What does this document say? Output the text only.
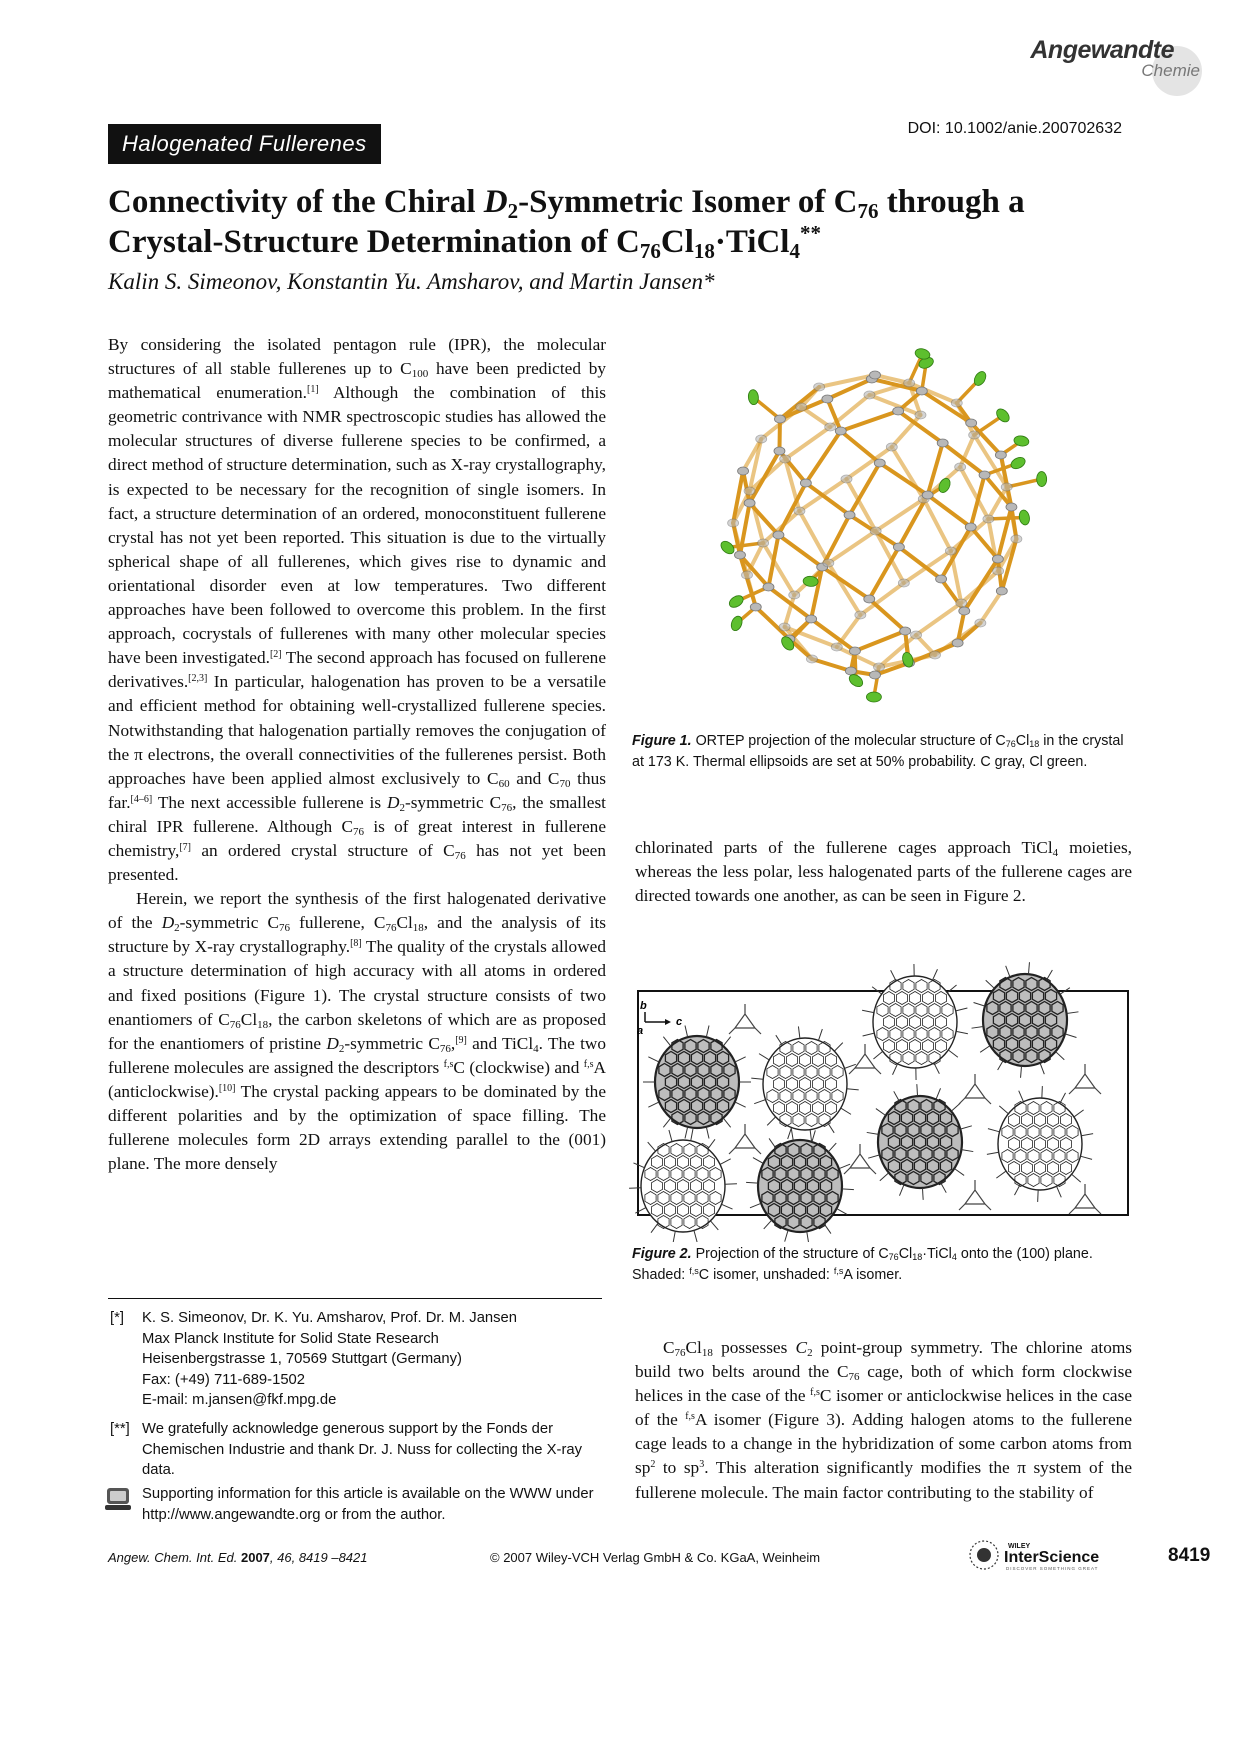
Angewandte
Chemie
Halogenated Fullerenes
DOI: 10.1002/anie.200702632
Connectivity of the Chiral $D_2$-Symmetric Isomer of $C_{76}$ through a
Crystal-Structure Determination of $C_{76}Cl_{18}\cdot TiCl_4^{**}$
Kalin S. Simeonov, Konstantin Yu. Amsharov, and Martin Jansen*

By considering the isolated pentagon rule (IPR), the molecular structures of all stable fullerenes up to $C_{100}$ have been predicted by mathematical enumeration.[1] Although the combination of this geometric contrivance with NMR spectroscopic studies has allowed the molecular structures of diverse fullerene species to be confirmed, a direct method of structure determination, such as X-ray crystallography, is expected to be necessary for the recognition of single isomers. In fact, a structure determination of an ordered, monoconstituent fullerene crystal has not yet been reported. This situation is due to the virtually spherical shape of all fullerenes, which gives rise to dynamic and orientational disorder even at low temperatures. Two different approaches have been followed to overcome this problem. In the first approach, cocrystals of fullerenes with many other molecular species have been investigated.[2] The second approach has focused on fullerene derivatives.[2,3] In particular, halogenation has proven to be a versatile and efficient method for obtaining well-crystallized fullerene species. Notwithstanding that halogenation partially removes the conjugation of the π electrons, the overall connectivities of the fullerenes persist. Both approaches have been applied almost exclusively to $C_{60}$ and $C_{70}$ thus far.[4–6] The next accessible fullerene is $D_2$-symmetric $C_{76}$, the smallest chiral IPR fullerene. Although $C_{76}$ is of great interest in fullerene chemistry,[7] an ordered crystal structure of $C_{76}$ has not yet been presented.

Herein, we report the synthesis of the first halogenated derivative of the $D_2$-symmetric $C_{76}$ fullerene, $C_{76}Cl_{18}$, and the analysis of its structure by X-ray crystallography.[8] The quality of the crystals allowed a structure determination of high accuracy with all atoms in ordered and fixed positions (Figure 1). The crystal structure consists of two enantiomers of $C_{76}Cl_{18}$, the carbon skeletons of which are as proposed for the enantiomers of pristine $D_2$-symmetric $C_{76},[9]$ and TiCl$_4$. The two fullerene molecules are assigned the descriptors $^{f,s}$C (clockwise) and $^{f,s}$A (anticlockwise).[10] The crystal packing appears to be dominated by the different polarities and by the optimization of space filling. The fullerene molecules form 2D arrays extending parallel to the (001) plane. The more densely

Figure 1. ORTEP projection of the molecular structure of $C_{76}Cl_{18}$ in the crystal at 173 K. Thermal ellipsoids are set at 50% probability. C gray, Cl green.

chlorinated parts of the fullerene cages approach TiCl$_4$ moieties, whereas the less polar, less halogenated parts of the fullerene cages are directed towards one another, as can be seen in Figure 2.

b
a
c
Figure 2. Projection of the structure of $C_{76}Cl_{18}\cdot TiCl_4$ onto the (100) plane. Shaded: $^{f,s}$C isomer, unshaded: $^{f,s}$A isomer.

$C_{76}Cl_{18}$ possesses $C_2$ point-group symmetry. The chlorine atoms build two belts around the $C_{76}$ cage, both of which form clockwise helices in the case of the $^{f,s}$C isomer or anticlockwise helices in the case of the $^{f,s}$A isomer (Figure 3). Adding halogen atoms to the fullerene cage leads to a change in the hybridization of some carbon atoms from $sp^2$ to $sp^3$. This alteration significantly modifies the π system of the fullerene molecule. The main factor contributing to the stability of

[*] K. S. Simeonov, Dr. K. Yu. Amsharov, Prof. Dr. M. Jansen
Max Planck Institute for Solid State Research
Heisenbergstrasse 1, 70569 Stuttgart (Germany)
Fax: (+49) 711-689-1502
E-mail: m.jansen@fkf.mpg.de
[**] We gratefully acknowledge generous support by the Fonds der Chemischen Industrie and thank Dr. J. Nuss for collecting the X-ray data.
Supporting information for this article is available on the WWW under http://www.angewandte.org or from the author.
Angew. Chem. Int. Ed. 2007, 46, 8419 –8421	© 2007 Wiley-VCH Verlag GmbH & Co. KGaA, Weinheim
WILEY
InterScience
DISCOVER SOMETHING GREAT
8419
